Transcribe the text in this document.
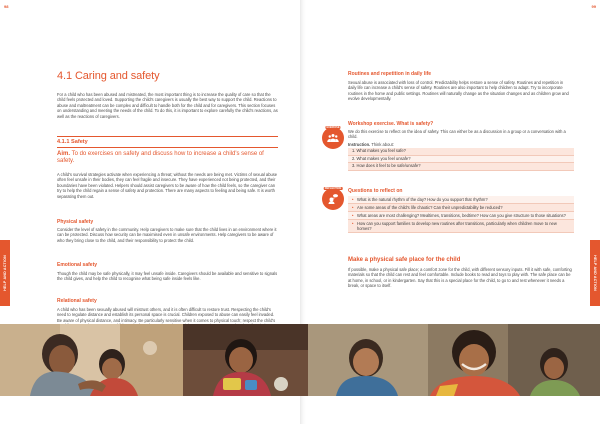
98
HELP AND ACTION
4.1 Caring and safety
For a child who has been abused and mistreated, the most important thing is to increase the quality of care so that the child feels protected and loved. Supporting the child's caregivers is usually the best way to support the child. Reactions to abuse and maltreatment can be complex and difficult to handle both for the child and for caregivers. This section focuses on understanding and meeting the needs of the child. To do this, it is important to explore carefully the child's reactions, as well as the reactions of caregivers.
4.1.1 Safety
Aim. To do exercises on safety and discuss how to increase a child's sense of safety.
A child's survival strategies activate when experiencing a threat; without the needs are being met. Victims of sexual abuse often feel unsafe in their bodies, they can feel fragile and insecure. They have experienced not being protected, and their boundaries have been violated. Helpers should assist caregivers to be aware of how the child feels, so the caregiver can try to help the child regain a sense of safety and protection. There are many aspects to feeling and being safe. It is worth separating them out.
Physical safety
Consider the level of safety in the community. Help caregivers to make sure that the child lives in an environment where it can be protected. Discuss how security can be maximised even in unsafe environments. Help caregivers to be aware of who they bring close to the child, and their responsibility to protect the child.
Emotional safety
Though the child may be safe physically, it may feel unsafe inside. Caregivers should be available and sensitive to signals the child gives, and help the child to recognise what being safe inside feels like.
Relational safety
A child who has been sexually abused will mistrust others, and it is often difficult to restore trust. Respecting the child's need to regulate distance and establish its personal space is crucial. Children exposed to abuse can easily feel invaded. Be aware of physical distance, and intimacy. Be particularly sensitive when it comes to physical touch; respect the child's
99
HELP AND ACTION
Routines and repetition in daily life
Sexual abuse is associated with loss of control. Predictability helps restore a sense of safety. Routines and repetition in daily life can increase a child's sense of safety. Routines are also important to help children to adapt. Try to incorporate routines in the home and public settings. Routines will naturally change as the situation changes and as children grow and evolve developmentally.
EXERCISE
Workshop exercise. What is safety?
We do this exercise to reflect on the idea of safety. This can either be as a discussion in a group or a conversation with a child.
Instruction. Think about:
1. What makes you feel safe?
2. What makes you feel unsafe?
3. How does it feel to be safe/unsafe?
REFLECTION Questions to reflect on
• What is the natural rhythm of the day? How do you support that rhythm?
• Are some areas of the child's life chaotic? Can their unpredictability be reduced?
• What areas are most challenging? Mealtimes, transitions, bedtime? How can you give structure to those situations?
• How can you support families to develop new routines after transitions, particularly when children move to new homes?
Make a physical safe place for the child
If possible, make a physical safe place; a comfort zone for the child, with different sensory inputs. Fill it with safe, comforting materials so that the child can rest and feel comfortable. Include books to read and toys to play with. The safe place can be at home, in school, or in kindergarten. Say that this is a special place for the child, to go to and rest whenever it needs a break, or space to itself.
